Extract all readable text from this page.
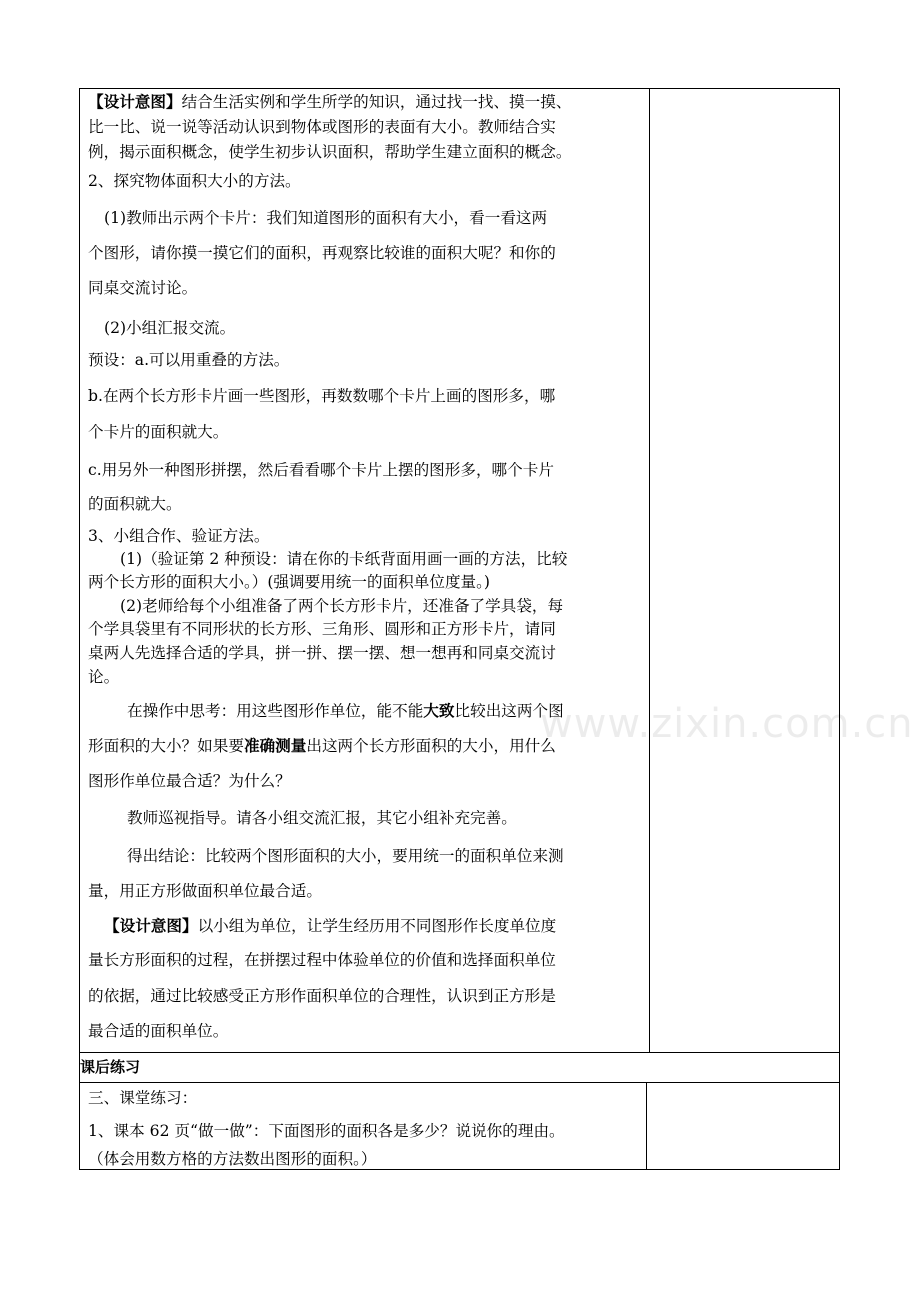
【设计意图】结合生活实例和学生所学的知识，通过找一找、摸一摸、
比一比、说一说等活动认识到物体或图形的表面有大小。教师结合实
例，揭示面积概念，使学生初步认识面积，帮助学生建立面积的概念。
2、探究物体面积大小的方法。
(1)教师出示两个卡片：我们知道图形的面积有大小，看一看这两
个图形，请你摸一摸它们的面积，再观察比较谁的面积大呢？和你的
同桌交流讨论。
(2)小组汇报交流。
预设：a.可以用重叠的方法。
b.在两个长方形卡片画一些图形，再数数哪个卡片上画的图形多，哪
个卡片的面积就大。
c.用另外一种图形拼摆，然后看看哪个卡片上摆的图形多，哪个卡片
的面积就大。
3、小组合作、验证方法。
(1)（验证第 2 种预设：请在你的卡纸背面用画一画的方法，比较
两个长方形的面积大小。）(强调要用统一的面积单位度量。)
(2)老师给每个小组准备了两个长方形卡片，还准备了学具袋，每
个学具袋里有不同形状的长方形、三角形、圆形和正方形卡片，请同
桌两人先选择合适的学具，拼一拼、摆一摆、想一想再和同桌交流讨
论。
在操作中思考：用这些图形作单位，能不能大致比较出这两个图
形面积的大小？如果要准确测量出这两个长方形面积的大小，用什么
图形作单位最合适？为什么？
教师巡视指导。请各小组交流汇报，其它小组补充完善。
得出结论：比较两个图形面积的大小，要用统一的面积单位来测
量，用正方形做面积单位最合适。
【设计意图】以小组为单位，让学生经历用不同图形作长度单位度
量长方形面积的过程，在拼摆过程中体验单位的价值和选择面积单位
的依据，通过比较感受正方形作面积单位的合理性，认识到正方形是
最合适的面积单位。
www.zixin.com.cn
课后练习
三、课堂练习：
1、课本 62 页“做一做”：下面图形的面积各是多少？说说你的理由。
（体会用数方格的方法数出图形的面积。）
